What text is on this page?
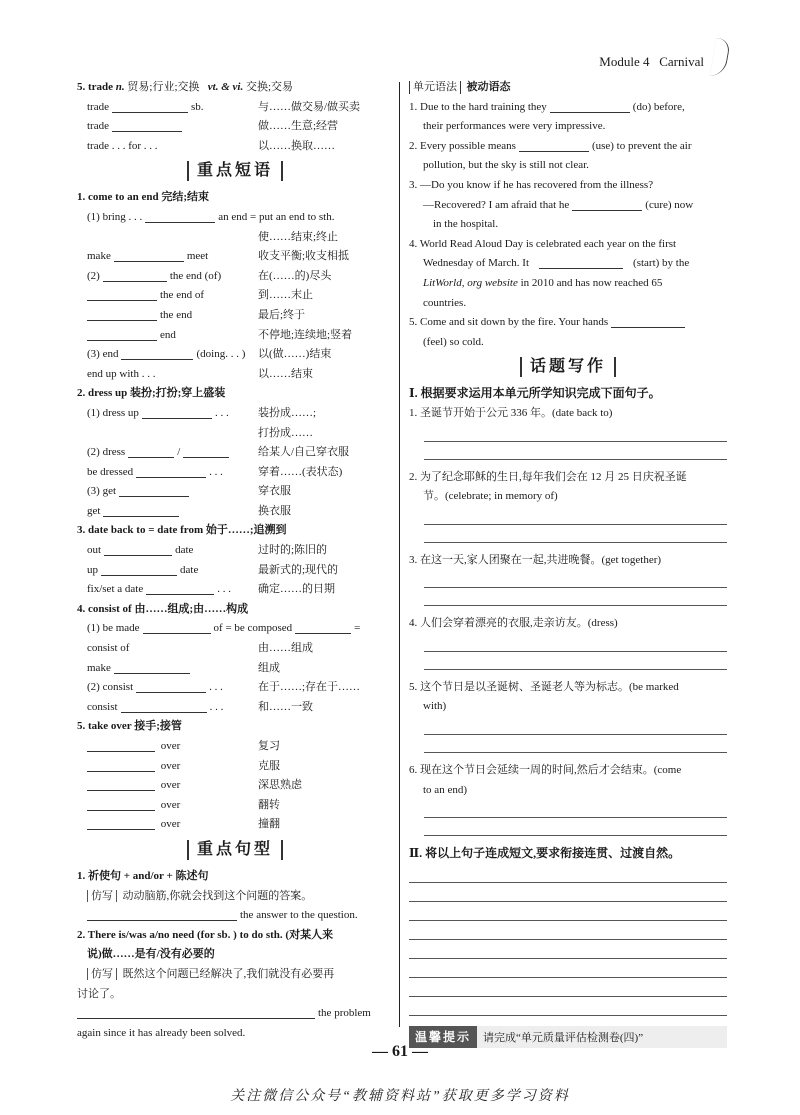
Module 4 Carnival
5. trade n. 贸易;行业;交换 vt. & vi. 交换;交易
trade	sb.	与……做交易/做买卖
trade	做……生意;经营
trade . . . for . . .	以……换取……
重点短语
1. come to an end 完结;结束
(1) bring . . .	an end = put an end to sth.
使……结束;终止
make	meet	收支平衡;收支相抵
(2)	the end (of)	在(……的)尽头
the end of	到……末止
the end	最后;终于
end	不停地;连续地;竖着
(3) end	(doing. . . ) 以(做……)结束
end up with . . .	以……结束
2. dress up 装扮;打扮;穿上盛装
(1) dress up	. . .	装扮成……;
打扮成……
(2) dress	/	给某人/自己穿衣服
be dressed	. . .	穿着……(表状态)
(3) get	穿衣服
get	换衣服
3. date back to = date from 始于……;追溯到
out	date	过时的;陈旧的
up	date	最新式的;现代的
fix/set a date	. . . 确定……的日期
4. consist of 由……组成;由……构成
(1) be made	of = be composed	=
consist of	由……组成
make	组成
(2) consist	. . .	在于……;存在于……
consist	. . .	和……一致
5. take over 接手;接管
over	复习
over	克服
over	深思熟虑
over	翻转
over	撞翻
重点句型
1. 祈使句 + and/or + 陈述句
仿写 动动脑筋,你就会找到这个问题的答案。
the answer to the question.
2. There is/was a/no need (for sb. ) to do sth. (对某人来
说)做……是有/没有必要的
仿写 既然这个问题已经解决了,我们就没有必要再
讨论了。
the problem
again since it has already been solved.
单元语法 被动语态
1. Due to the hard training they	(do) before,
their performances were very impressive.
2. Every possible means	(use) to prevent the air
pollution, but the sky is still not clear.
3. —Do you know if he has recovered from the illness?
—Recovered? I am afraid that he	(cure) now
in the hospital.
4. World Read Aloud Day is celebrated each year on the first
Wednesday of March. It	(start) by the
LitWorld, org website in 2010 and has now reached 65
countries.
5. Come and sit down by the fire. Your hands
(feel) so cold.
话题写作
Ⅰ. 根据要求运用本单元所学知识完成下面句子。
1. 圣诞节开始于公元 336 年。(date back to)
2. 为了纪念耶稣的生日,每年我们会在 12 月 25 日庆祝圣诞
节。(celebrate; in memory of)
3. 在这一天,家人团聚在一起,共进晚餐。(get together)
4. 人们会穿着漂亮的衣服,走亲访友。(dress)
5. 这个节日是以圣诞树、圣诞老人等为标志。(be marked
with)
6. 现在这个节日会延续一周的时间,然后才会结束。(come
to an end)
Ⅱ. 将以上句子连成短文,要求衔接连贯、过渡自然。
温馨提示	请完成“单元质量评估检测卷(四)”
— 61 —
关注微信公众号“教辅资料站”获取更多学习资料
